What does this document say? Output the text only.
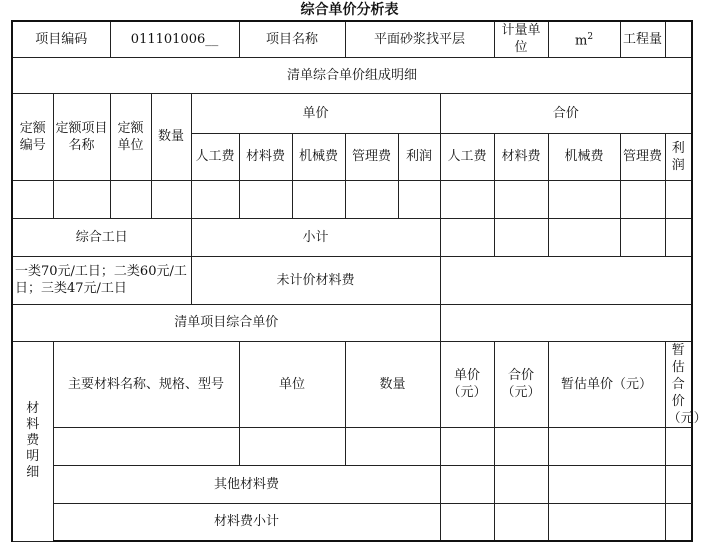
综合单价分析表
项目编码		011101006__			项目名称		平面砂浆找平层			计量单位	$m^2$	工程量	
清单综合单价组成明细													
定额编号	定额项目名称	定额单位	数量	单价					合价				
				人工费	材料费	机械费	管理费	利润	人工费	材料费	机械费	管理费	利润

综合工日				小计									
一类70元/工日；二类60元/工日；三类47元/工日				未计价材料费									
清单项目综合单价													

材料费明细	主要材料名称、规格、型号				单位		数量		单价（元）	合价（元）	暂估单价（元）		暂估合价（元）

	其他材料费												
	材料费小计												
